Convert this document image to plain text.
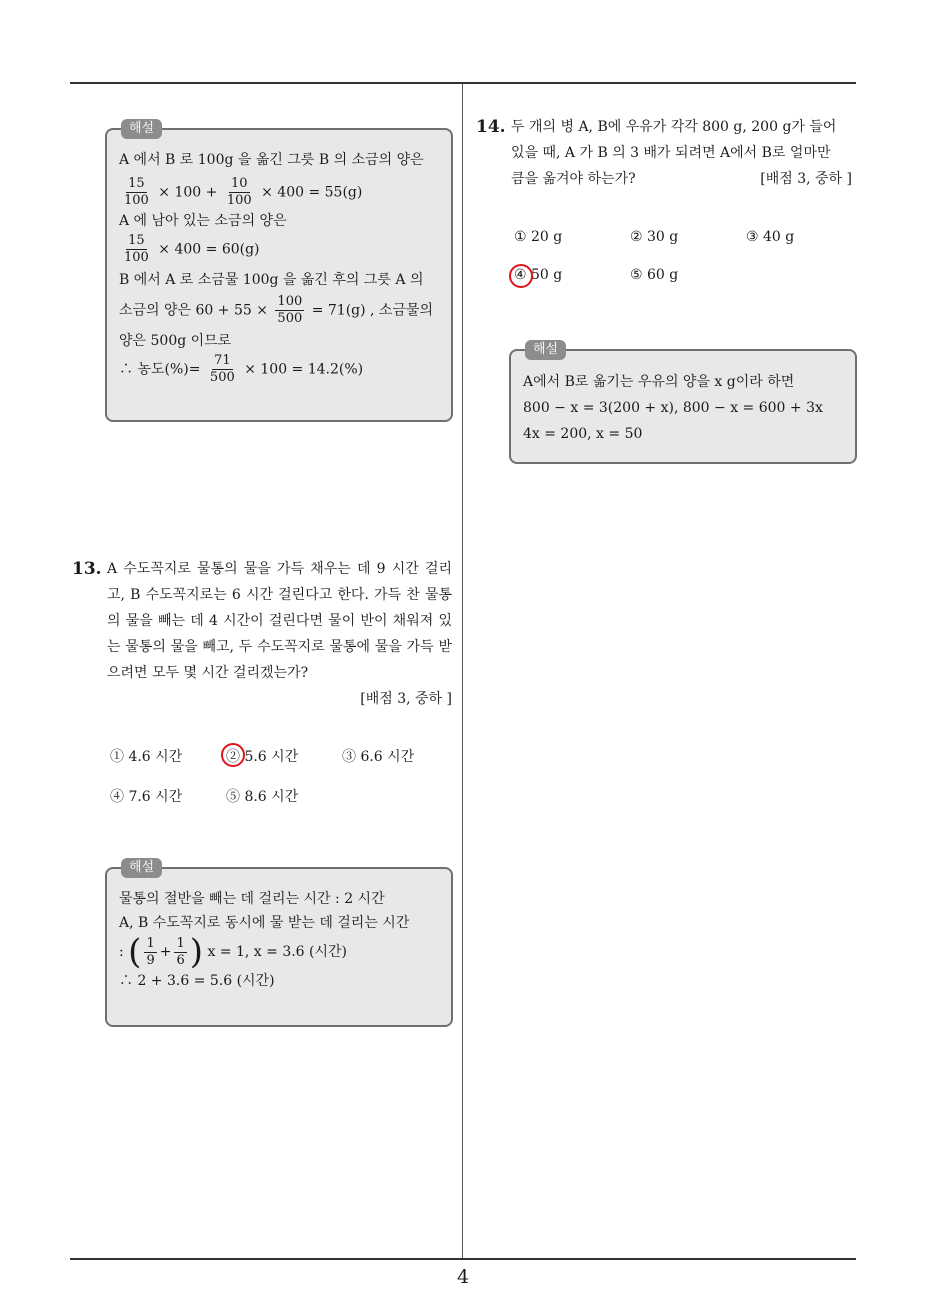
해설
A 에서 B 로 100g 을 옮긴 그릇 B 의 소금의 양은
$\frac{15}{100} \times 100 + \frac{10}{100} \times 400 = 55(g)$
A 에 남아 있는 소금의 양은
$\frac{15}{100} \times 400 = 60(g)$
B 에서 A 로 소금물 100g 을 옮긴 후의 그릇 A 의
소금의 양은 $60 + 55 \times \frac{100}{500} = 71(g)$ , 소금물의
양은 500g 이므로
∴ 농도(%)= $\frac{71}{500} \times 100 = 14.2(\%)$
13. A 수도꼭지로 물통의 물을 가득 채우는 데 9 시간 걸리고, B 수도꼭지로는 6 시간 걸린다고 한다. 가득 찬 물통의 물을 빼는 데 4 시간이 걸린다면 물이 반이 채워져 있는 물통의 물을 빼고, 두 수도꼭지로 물통에 물을 가득 받으려면 모두 몇 시간 걸리겠는가?
[배점 3, 중하 ]
① 4.6 시간	② 5.6 시간	③ 6.6 시간
④ 7.6 시간	⑤ 8.6 시간
해설
물통의 절반을 빼는 데 걸리는 시간 : 2 시간
A, B 수도꼭지로 동시에 물 받는 데 걸리는 시간
: ( $\frac{1}{9} + \frac{1}{6}$ ) x = 1, x = 3.6 (시간)
∴ 2 + 3.6 = 5.6 (시간)
14. 두 개의 병 A, B에 우유가 각각 800 g, 200 g가 들어
있을 때, A 가 B 의 3 배가 되려면 A에서 B로 얼마만
큼을 옮겨야 하는가?	[배점 3, 중하 ]
① 20 g	② 30 g	③ 40 g
④ 50 g	⑤ 60 g
해설
A에서 B로 옮기는 우유의 양을 x g이라 하면
800 − x = 3(200 + x), 800 − x = 600 + 3x
4x = 200, x = 50
4
